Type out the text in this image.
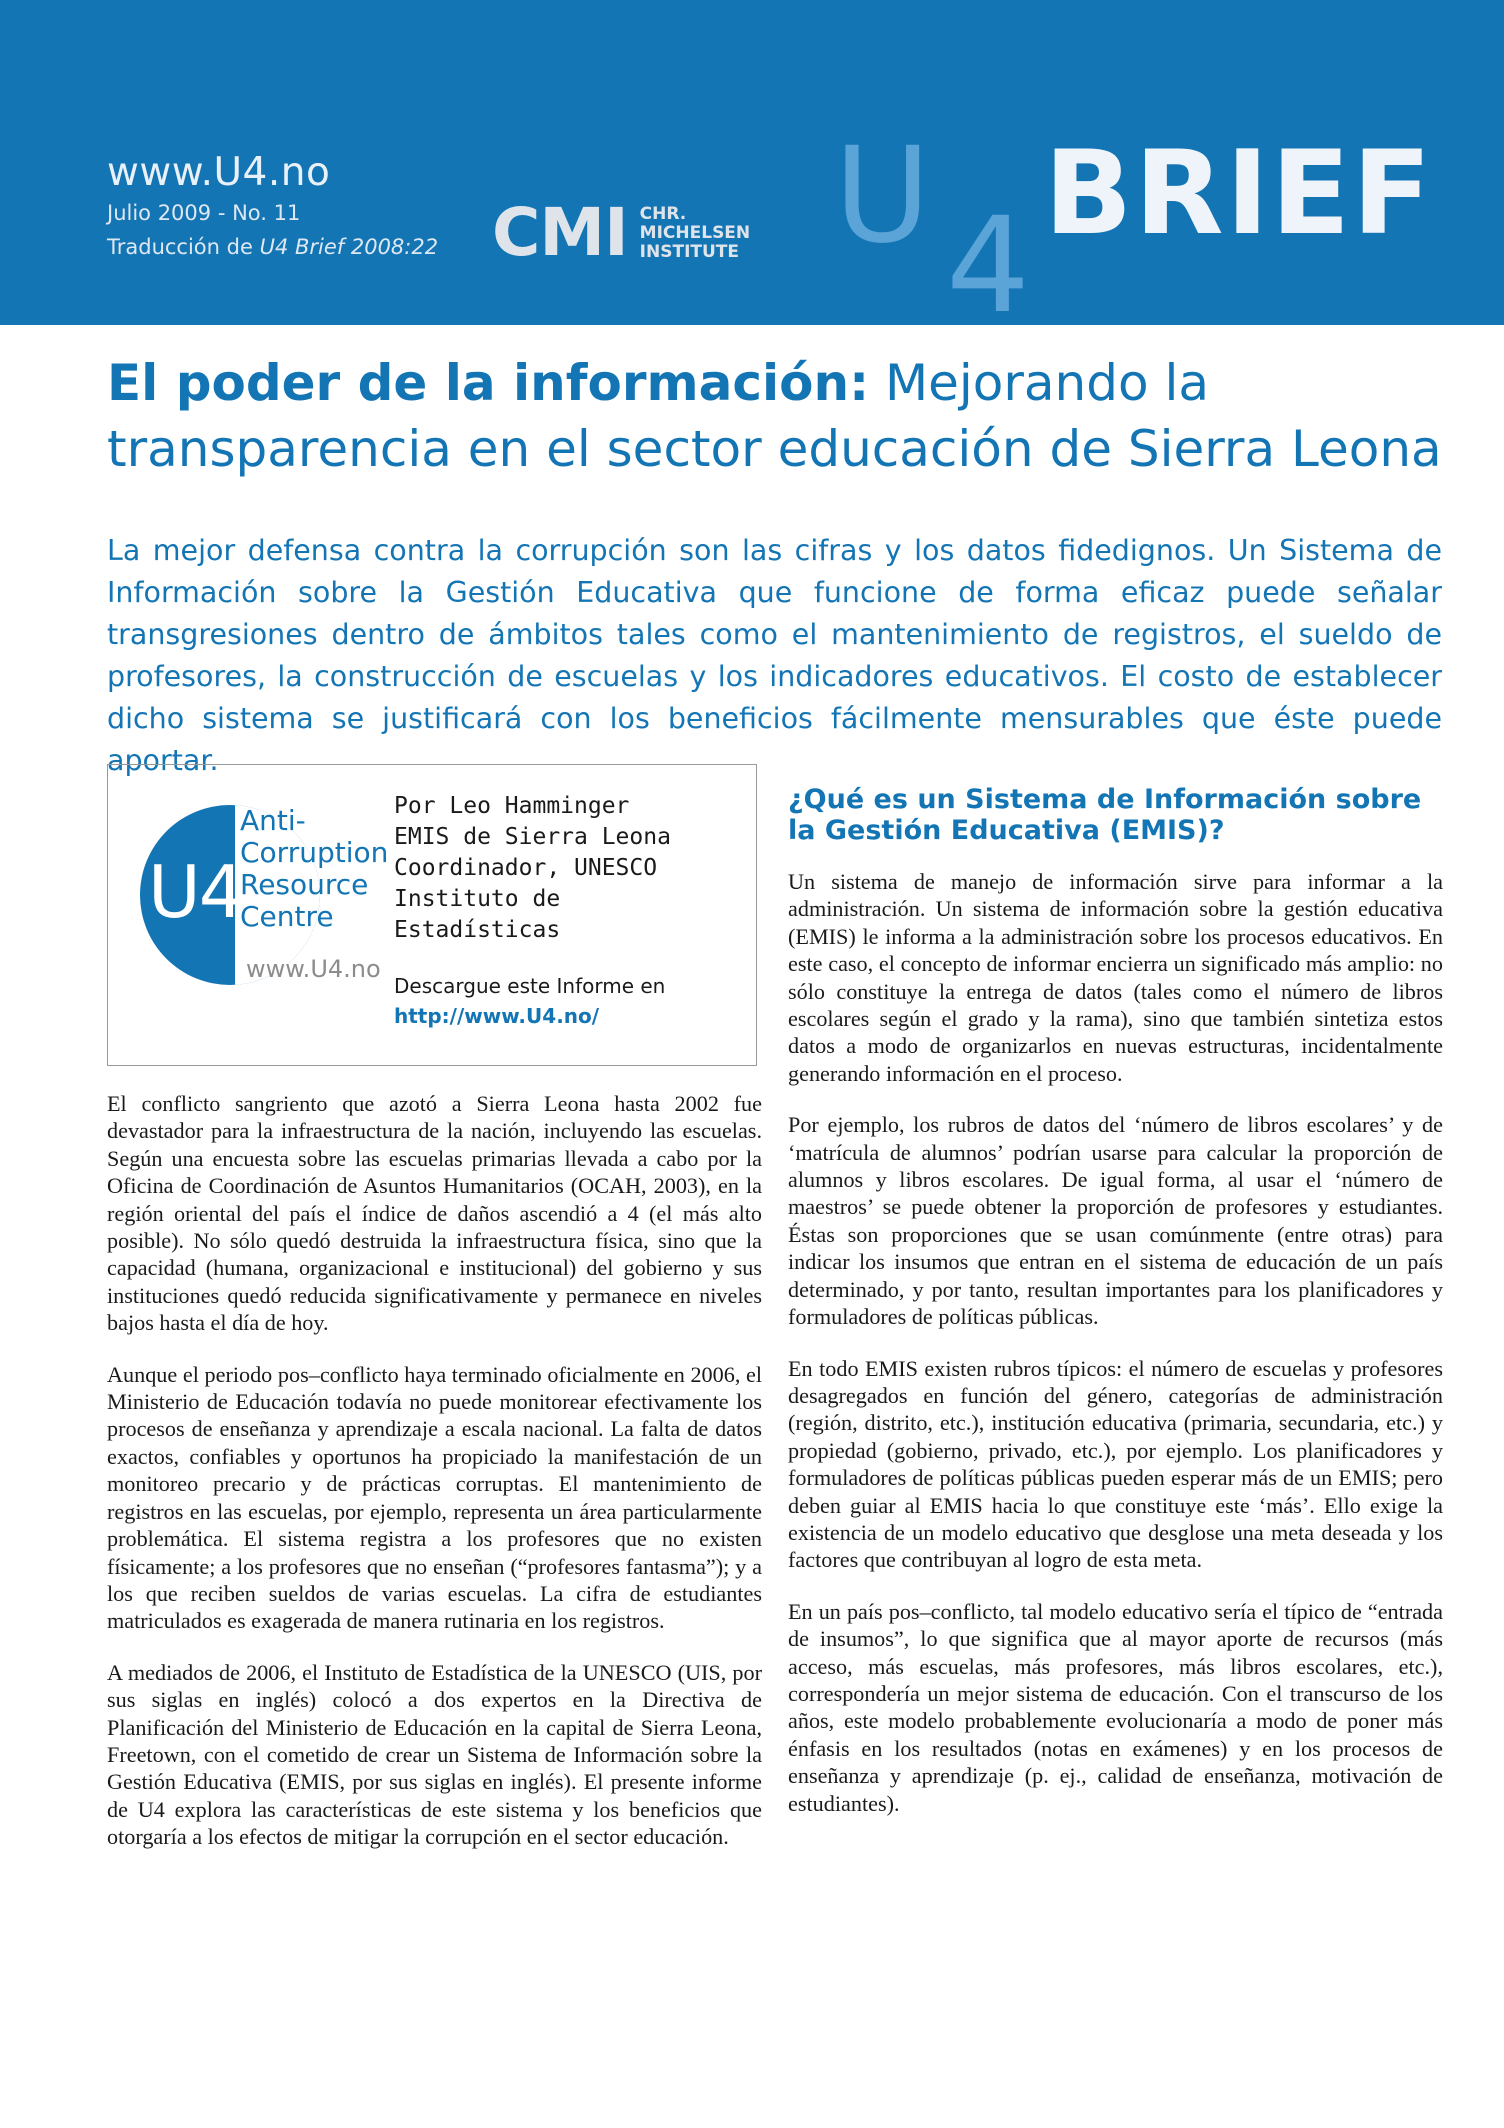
www.U4.no
Julio 2009 - No. 11
Traducción de U4 Brief 2008:22 CMI CHR.
MICHELSEN
INSTITUTE U 4 BRIEF
El poder de la información: Mejorando la transparencia en el sector educación de Sierra Leona

La mejor defensa contra la corrupción son las cifras y los datos fidedignos. Un Sistema de Información sobre la Gestión Educativa que funcione de forma eficaz puede señalar transgresiones dentro de ámbitos tales como el mantenimiento de registros, el sueldo de profesores, la construcción de escuelas y los indicadores educativos. El costo de establecer dicho sistema se justificará con los beneficios fácilmente mensurables que éste puede aportar.

U4
Anti-
Corruption
Resource
Centre
www.U4.no
Por Leo Hamminger
EMIS de Sierra Leona
Coordinador, UNESCO
Instituto de
Estadísticas
Descargue este Informe en
http://www.U4.no/
¿Qué es un Sistema de Información sobre la Gestión Educativa (EMIS)?

El conflicto sangriento que azotó a Sierra Leona hasta 2002 fue devastador para la infraestructura de la nación, incluyendo las escuelas. Según una encuesta sobre las escuelas primarias llevada a cabo por la Oficina de Coordinación de Asuntos Humanitarios (OCAH, 2003), en la región oriental del país el índice de daños ascendió a 4 (el más alto posible). No sólo quedó destruida la infraestructura física, sino que la capacidad (humana, organizacional e institucional) del gobierno y sus instituciones quedó reducida significativamente y permanece en niveles bajos hasta el día de hoy.

Aunque el periodo pos–conflicto haya terminado oficialmente en 2006, el Ministerio de Educación todavía no puede monitorear efectivamente los procesos de enseñanza y aprendizaje a escala nacional. La falta de datos exactos, confiables y oportunos ha propiciado la manifestación de un monitoreo precario y de prácticas corruptas. El mantenimiento de registros en las escuelas, por ejemplo, representa un área particularmente problemática. El sistema registra a los profesores que no existen físicamente; a los profesores que no enseñan (“profesores fantasma”); y a los que reciben sueldos de varias escuelas. La cifra de estudiantes matriculados es exagerada de manera rutinaria en los registros.

A mediados de 2006, el Instituto de Estadística de la UNESCO (UIS, por sus siglas en inglés) colocó a dos expertos en la Directiva de Planificación del Ministerio de Educación en la capital de Sierra Leona, Freetown, con el cometido de crear un Sistema de Información sobre la Gestión Educativa (EMIS, por sus siglas en inglés). El presente informe de U4 explora las características de este sistema y los beneficios que otorgaría a los efectos de mitigar la corrupción en el sector educación.

Un sistema de manejo de información sirve para informar a la administración. Un sistema de información sobre la gestión educativa (EMIS) le informa a la administración sobre los procesos educativos. En este caso, el concepto de informar encierra un significado más amplio: no sólo constituye la entrega de datos (tales como el número de libros escolares según el grado y la rama), sino que también sintetiza estos datos a modo de organizarlos en nuevas estructuras, incidentalmente generando información en el proceso.

Por ejemplo, los rubros de datos del ‘número de libros escolares’ y de ‘matrícula de alumnos’ podrían usarse para calcular la proporción de alumnos y libros escolares. De igual forma, al usar el ‘número de maestros’ se puede obtener la proporción de profesores y estudiantes. Éstas son proporciones que se usan comúnmente (entre otras) para indicar los insumos que entran en el sistema de educación de un país determinado, y por tanto, resultan importantes para los planificadores y formuladores de políticas públicas.

En todo EMIS existen rubros típicos: el número de escuelas y profesores desagregados en función del género, categorías de administración (región, distrito, etc.), institución educativa (primaria, secundaria, etc.) y propiedad (gobierno, privado, etc.), por ejemplo. Los planificadores y formuladores de políticas públicas pueden esperar más de un EMIS; pero deben guiar al EMIS hacia lo que constituye este ‘más’. Ello exige la existencia de un modelo educativo que desglose una meta deseada y los factores que contribuyan al logro de esta meta.

En un país pos–conflicto, tal modelo educativo sería el típico de “entrada de insumos”, lo que significa que al mayor aporte de recursos (más acceso, más escuelas, más profesores, más libros escolares, etc.), correspondería un mejor sistema de educación. Con el transcurso de los años, este modelo probablemente evolucionaría a modo de poner más énfasis en los resultados (notas en exámenes) y en los procesos de enseñanza y aprendizaje (p. ej., calidad de enseñanza, motivación de estudiantes).
